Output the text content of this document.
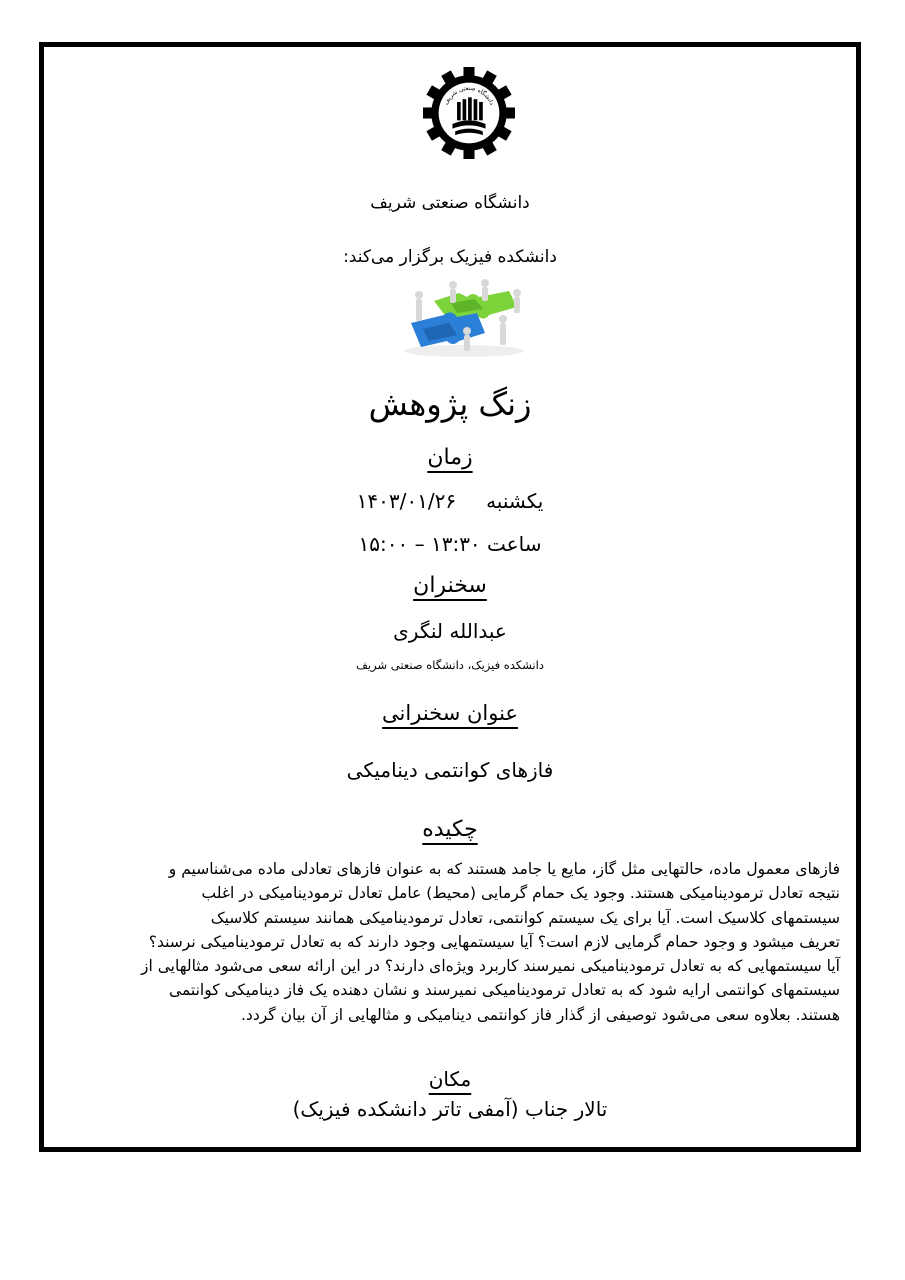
دانشگاه صنعتی شریف
دانشگاه صنعتی شریف
دانشکده فیزیک برگزار می‌کند:
زنگ پژوهش
زمان
یکشنبه۱۴۰۳/۰۱/۲۶
ساعت ۱۳:۳۰ – ۱۵:۰۰
سخنران
عبدالله لنگری
دانشکده فیزیک، دانشگاه صنعتی شریف
عنوان سخنرانی
فازهای کوانتمی دینامیکی
چکیده
فازهای معمول ماده، حالتهایی مثل گاز، مایع یا جامد هستند که به عنوان فازهای تعادلی ماده می‌شناسیم و
نتیجه تعادل ترمودینامیکی هستند. وجود یک حمام گرمایی (محیط) عامل تعادل ترمودینامیکی در اغلب
سیستمهای کلاسیک است. آیا برای یک سیستم کوانتمی، تعادل ترمودینامیکی همانند سیستم کلاسیک
تعریف میشود و وجود حمام گرمایی لازم است؟ آیا سیستمهایی وجود دارند که به تعادل ترمودینامیکی نرسند؟
آیا سیستمهایی که به تعادل ترمودینامیکی نمیرسند کاربرد ویژه‌ای دارند؟ در این ارائه سعی می‌شود مثالهایی از
سیستمهای کوانتمی ارایه شود که به تعادل ترمودینامیکی نمیرسند و نشان دهنده یک فاز دینامیکی کوانتمی
هستند. بعلاوه سعی می‌شود توصیفی از گذار فاز کوانتمی دینامیکی و مثالهایی از آن بیان گردد.
مکان
تالار جناب (آمفی تاتر دانشکده فیزیک)
